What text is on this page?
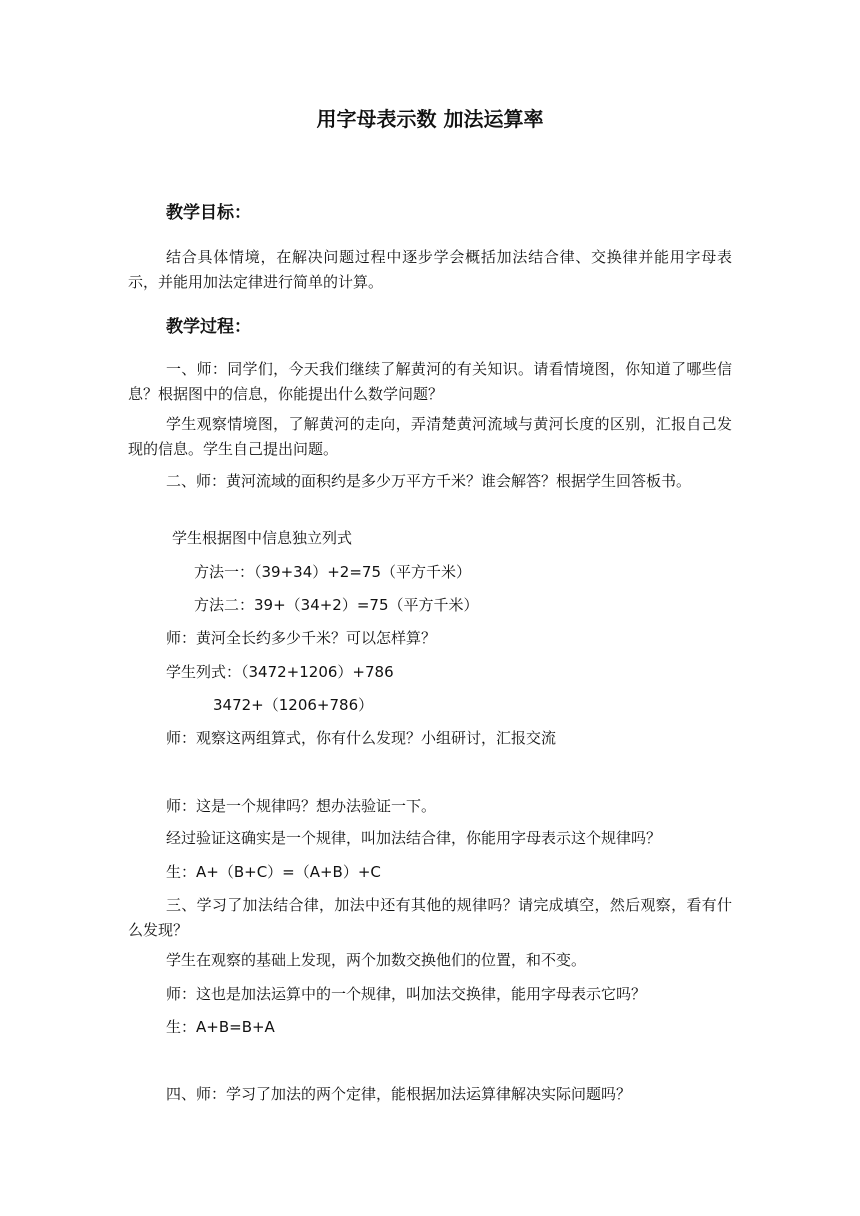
用字母表示数 加法运算率
教学目标：
结合具体情境，在解决问题过程中逐步学会概括加法结合律、交换律并能用字母表示，并能用加法定律进行简单的计算。
教学过程：
一、师：同学们，今天我们继续了解黄河的有关知识。请看情境图，你知道了哪些信息？根据图中的信息，你能提出什么数学问题？
学生观察情境图，了解黄河的走向，弄清楚黄河流域与黄河长度的区别，汇报自己发现的信息。学生自己提出问题。
二、师：黄河流域的面积约是多少万平方千米？谁会解答？根据学生回答板书。
学生根据图中信息独立列式
方法一：（39+34）+2=75（平方千米）
方法二：39+（34+2）=75（平方千米）
师：黄河全长约多少千米？可以怎样算？
学生列式：（3472+1206）+786
3472+（1206+786）
师：观察这两组算式，你有什么发现？小组研讨，汇报交流
师：这是一个规律吗？想办法验证一下。
经过验证这确实是一个规律，叫加法结合律，你能用字母表示这个规律吗？
生：A+（B+C）=（A+B）+C
三、学习了加法结合律，加法中还有其他的规律吗？请完成填空，然后观察，看有什么发现？
学生在观察的基础上发现，两个加数交换他们的位置，和不变。
师：这也是加法运算中的一个规律，叫加法交换律，能用字母表示它吗？
生：A+B=B+A
四、师：学习了加法的两个定律，能根据加法运算律解决实际问题吗？
